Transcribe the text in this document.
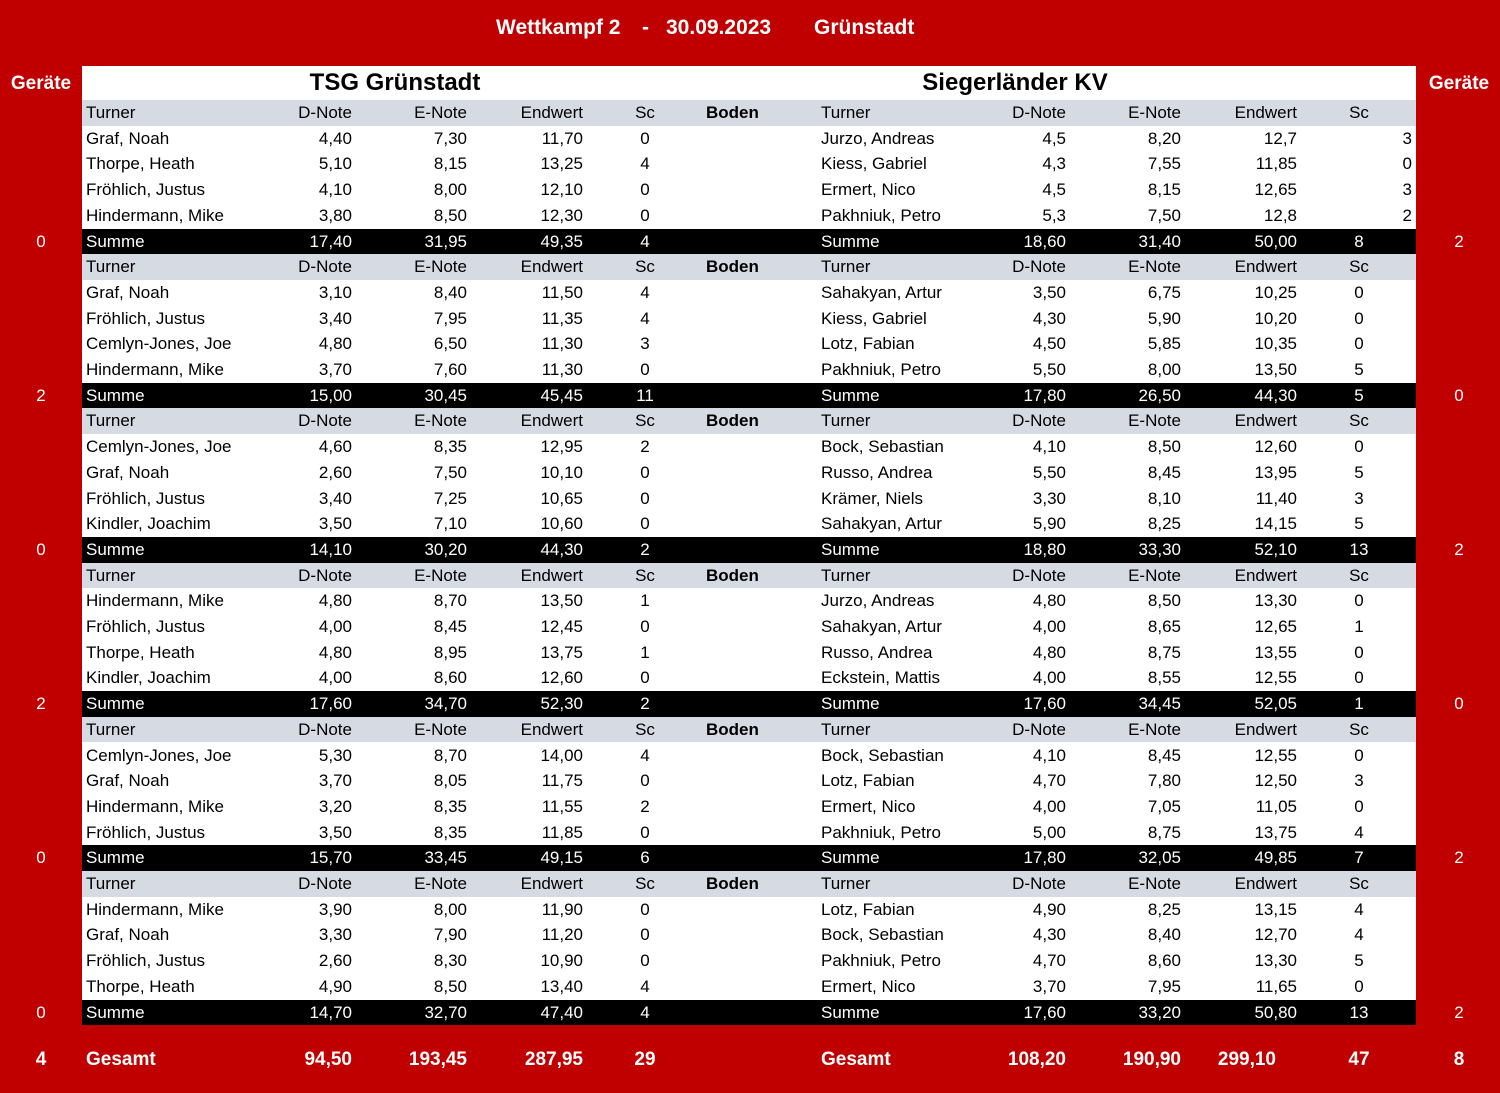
Wettkampf 2 - 30.09.2023 Grünstadt
Geräte	Geräte
TSG Grünstadt	Siegerländer KV
Turner	D-Note	E-Note	Endwert	Sc	Boden	Turner	D-Note	E-Note	Endwert	Sc
Graf, Noah	4,40	7,30	11,70	0	Jurzo, Andreas	4,5	8,20	12,7	3
Thorpe, Heath	5,10	8,15	13,25	4	Kiess, Gabriel	4,3	7,55	11,85	0
Fröhlich, Justus	4,10	8,00	12,10	0	Ermert, Nico	4,5	8,15	12,65	3
Hindermann, Mike	3,80	8,50	12,30	0	Pakhniuk, Petro	5,3	7,50	12,8	2
Summe	17,40	31,95	49,35	4	Summe	18,60	31,40	50,00	8
0	2
Turner	D-Note	E-Note	Endwert	Sc	Boden	Turner	D-Note	E-Note	Endwert	Sc
Graf, Noah	3,10	8,40	11,50	4	Sahakyan, Artur	3,50	6,75	10,25	0
Fröhlich, Justus	3,40	7,95	11,35	4	Kiess, Gabriel	4,30	5,90	10,20	0
Cemlyn-Jones, Joe	4,80	6,50	11,30	3	Lotz, Fabian	4,50	5,85	10,35	0
Hindermann, Mike	3,70	7,60	11,30	0	Pakhniuk, Petro	5,50	8,00	13,50	5
Summe	15,00	30,45	45,45	11	Summe	17,80	26,50	44,30	5
2	0
Turner	D-Note	E-Note	Endwert	Sc	Boden	Turner	D-Note	E-Note	Endwert	Sc
Cemlyn-Jones, Joe	4,60	8,35	12,95	2	Bock, Sebastian	4,10	8,50	12,60	0
Graf, Noah	2,60	7,50	10,10	0	Russo, Andrea	5,50	8,45	13,95	5
Fröhlich, Justus	3,40	7,25	10,65	0	Krämer, Niels	3,30	8,10	11,40	3
Kindler, Joachim	3,50	7,10	10,60	0	Sahakyan, Artur	5,90	8,25	14,15	5
Summe	14,10	30,20	44,30	2	Summe	18,80	33,30	52,10	13
0	2
Turner	D-Note	E-Note	Endwert	Sc	Boden	Turner	D-Note	E-Note	Endwert	Sc
Hindermann, Mike	4,80	8,70	13,50	1	Jurzo, Andreas	4,80	8,50	13,30	0
Fröhlich, Justus	4,00	8,45	12,45	0	Sahakyan, Artur	4,00	8,65	12,65	1
Thorpe, Heath	4,80	8,95	13,75	1	Russo, Andrea	4,80	8,75	13,55	0
Kindler, Joachim	4,00	8,60	12,60	0	Eckstein, Mattis	4,00	8,55	12,55	0
Summe	17,60	34,70	52,30	2	Summe	17,60	34,45	52,05	1
2	0
Turner	D-Note	E-Note	Endwert	Sc	Boden	Turner	D-Note	E-Note	Endwert	Sc
Cemlyn-Jones, Joe	5,30	8,70	14,00	4	Bock, Sebastian	4,10	8,45	12,55	0
Graf, Noah	3,70	8,05	11,75	0	Lotz, Fabian	4,70	7,80	12,50	3
Hindermann, Mike	3,20	8,35	11,55	2	Ermert, Nico	4,00	7,05	11,05	0
Fröhlich, Justus	3,50	8,35	11,85	0	Pakhniuk, Petro	5,00	8,75	13,75	4
Summe	15,70	33,45	49,15	6	Summe	17,80	32,05	49,85	7
0	2
Turner	D-Note	E-Note	Endwert	Sc	Boden	Turner	D-Note	E-Note	Endwert	Sc
Hindermann, Mike	3,90	8,00	11,90	0	Lotz, Fabian	4,90	8,25	13,15	4
Graf, Noah	3,30	7,90	11,20	0	Bock, Sebastian	4,30	8,40	12,70	4
Fröhlich, Justus	2,60	8,30	10,90	0	Pakhniuk, Petro	4,70	8,60	13,30	5
Thorpe, Heath	4,90	8,50	13,40	4	Ermert, Nico	3,70	7,95	11,65	0
Summe	14,70	32,70	47,40	4	Summe	17,60	33,20	50,80	13
0	2
4	Gesamt	94,50	193,45	287,95	29	Gesamt	108,20	190,90	299,10	47	8
